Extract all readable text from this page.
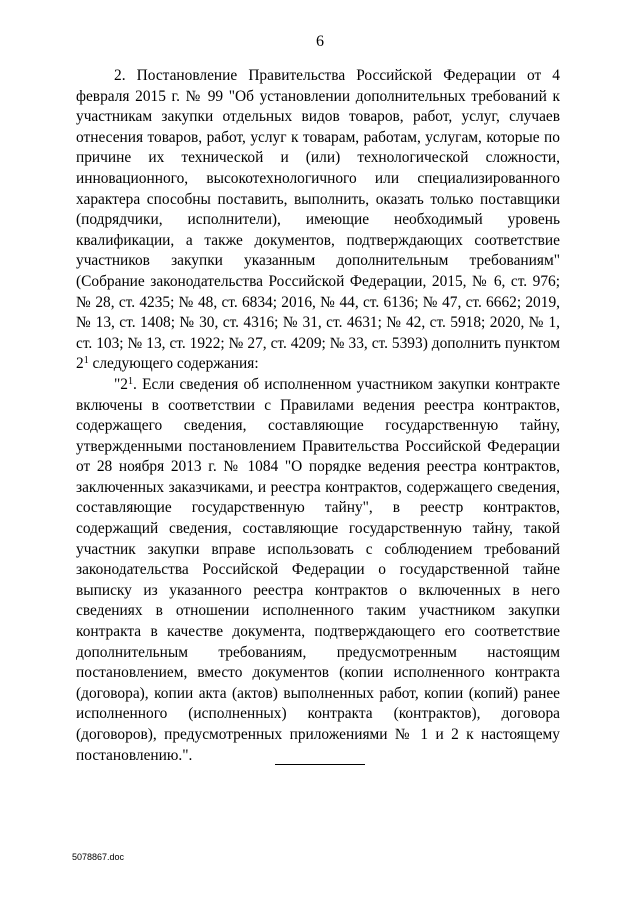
6

2. Постановление Правительства Российской Федерации от 4 февраля 2015 г. № 99 "Об установлении дополнительных требований к участникам закупки отдельных видов товаров, работ, услуг, случаев отнесения товаров, работ, услуг к товарам, работам, услугам, которые по причине их технической и (или) технологической сложности, инновационного, высокотехнологичного или специализированного характера способны поставить, выполнить, оказать только поставщики (подрядчики, исполнители), имеющие необходимый уровень квалификации, а также документов, подтверждающих соответствие участников закупки указанным дополнительным требованиям" (Собрание законодательства Российской Федерации, 2015, № 6, ст. 976; № 28, ст. 4235; № 48, ст. 6834; 2016, № 44, ст. 6136; № 47, ст. 6662; 2019, № 13, ст. 1408; № 30, ст. 4316; № 31, ст. 4631; № 42, ст. 5918; 2020, № 1, ст. 103; № 13, ст. 1922; № 27, ст. 4209; № 33, ст. 5393) дополнить пунктом $2^1$ следующего содержания:

"$2^1$. Если сведения об исполненном участником закупки контракте включены в соответствии с Правилами ведения реестра контрактов, содержащего сведения, составляющие государственную тайну, утвержденными постановлением Правительства Российской Федерации от 28 ноября 2013 г. № 1084 "О порядке ведения реестра контрактов, заключенных заказчиками, и реестра контрактов, содержащего сведения, составляющие государственную тайну", в реестр контрактов, содержащий сведения, составляющие государственную тайну, такой участник закупки вправе использовать с соблюдением требований законодательства Российской Федерации о государственной тайне выписку из указанного реестра контрактов о включенных в него сведениях в отношении исполненного таким участником закупки контракта в качестве документа, подтверждающего его соответствие дополнительным требованиям, предусмотренным настоящим постановлением, вместо документов (копии исполненного контракта (договора), копии акта (актов) выполненных работ, копии (копий) ранее исполненного (исполненных) контракта (контрактов), договора (договоров), предусмотренных приложениями № 1 и 2 к настоящему постановлению.".

5078867.doc
